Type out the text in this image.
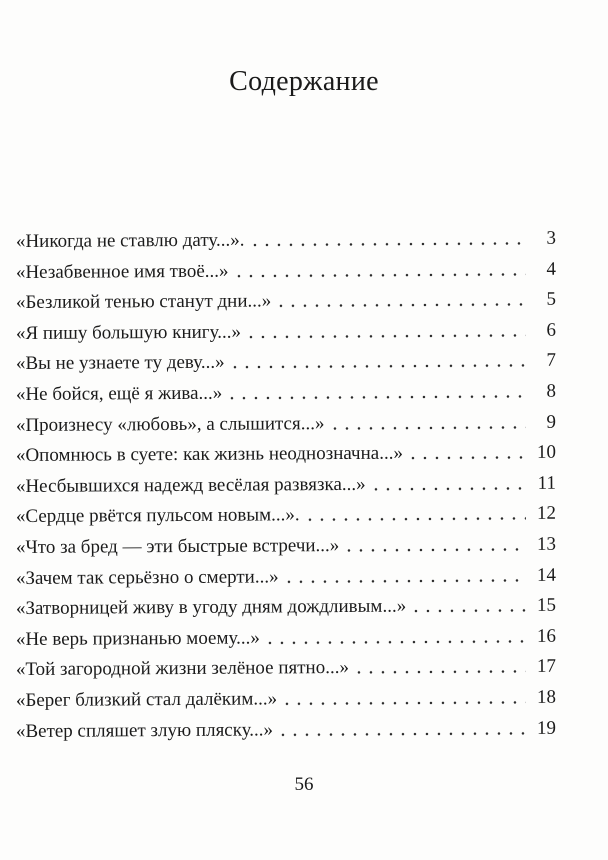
Содержание
«Никогда не ставлю дату...».	3
«Незабвенное имя твоё...»	4
«Безликой тенью станут дни...»	5
«Я пишу большую книгу...»	6
«Вы не узнаете ту деву...»	7
«Не бойся, ещё я жива...»	8
«Произнесу «любовь», а слышится...»	9
«Опомнюсь в суете: как жизнь неоднозначна...»	10
«Несбывшихся надежд весёлая развязка...»	11
«Сердце рвётся пульсом новым...».	12
«Что за бред — эти быстрые встречи...»	13
«Зачем так серьёзно о смерти...»	14
«Затворницей живу в угоду дням дождливым...»	15
«Не верь признанью моему...»	16
«Той загородной жизни зелёное пятно...»	17
«Берег близкий стал далёким...»	18
«Ветер спляшет злую пляску...»	19
56
